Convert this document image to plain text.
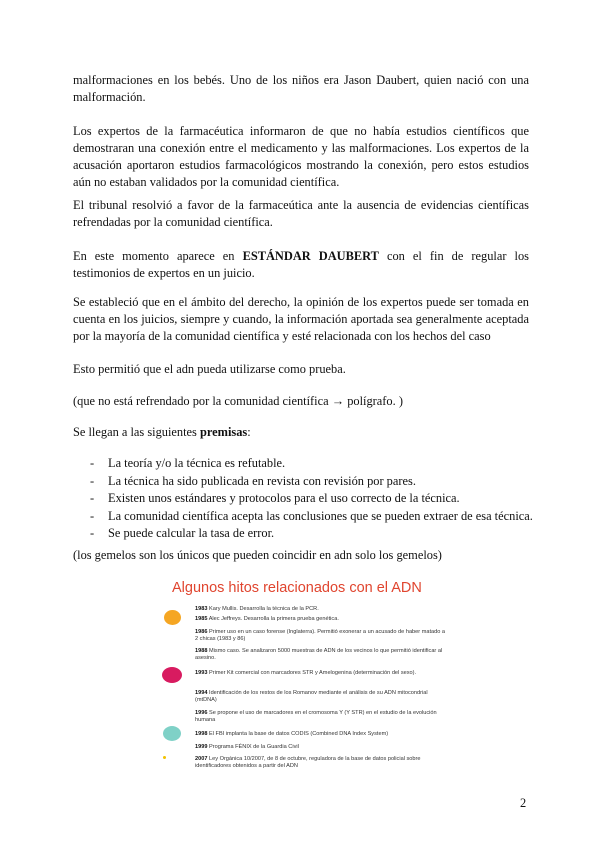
malformaciones en los bebés. Uno de los niños era Jason Daubert, quien nació con una malformación.

Los expertos de la farmacéutica informaron de que no había estudios científicos que demostraran una conexión entre el medicamento y las malformaciones. Los expertos de la acusación aportaron estudios farmacológicos mostrando la conexión, pero estos estudios aún no estaban validados por la comunidad científica.

El tribunal resolvió a favor de la farmaceútica ante la ausencia de evidencias científicas refrendadas por la comunidad científica.

En este momento aparece en ESTÁNDAR DAUBERT con el fin de regular los testimonios de expertos en un juicio.

Se estableció que en el ámbito del derecho, la opinión de los expertos puede ser tomada en cuenta en los juicios, siempre y cuando, la información aportada sea generalmente aceptada por la mayoría de la comunidad científica y esté relacionada con los hechos del caso

Esto permitió que el adn pueda utilizarse como prueba.

(que no está refrendado por la comunidad científica → polígrafo. )

Se llegan a las siguientes premisas:

- La teoría y/o la técnica es refutable.
- La técnica ha sido publicada en revista con revisión por pares.
- Existen unos estándares y protocolos para el uso correcto de la técnica.
- La comunidad científica acepta las conclusiones que se pueden extraer de esa técnica.
- Se puede calcular la tasa de error.

(los gemelos son los únicos que pueden coincidir en adn solo los gemelos)

Algunos hitos relacionados con el ADN
1983 Kary Mullis. Desarrolla la técnica de la PCR.
1985 Alec Jeffreys. Desarrolla la primera prueba genética.
1986 Primer uso en un caso forense (Inglaterra). Permitió exonerar a un acusado de haber matado a 2 chicas (1983 y 86)
1988 Mismo caso. Se analizaron 5000 muestras de ADN de los vecinos lo que permitió identificar al asesino.
1993 Primer Kit comercial con marcadores STR y Amelogenina (determinación del sexo).
1994 Identificación de los restos de los Romanov mediante el análisis de su ADN mitocondrial (mtDNA)
1996 Se propone el uso de marcadores en el cromosoma Y (Y STR) en el estudio de la evolución humana
1998 El FBI implanta la base de datos CODIS (Combined DNA Index System)
1999 Programa FÉNIX de la Guardia Civil
2007 Ley Orgánica 10/2007, de 8 de octubre, reguladora de la base de datos policial sobre identificadores obtenidos a partir del ADN
2
